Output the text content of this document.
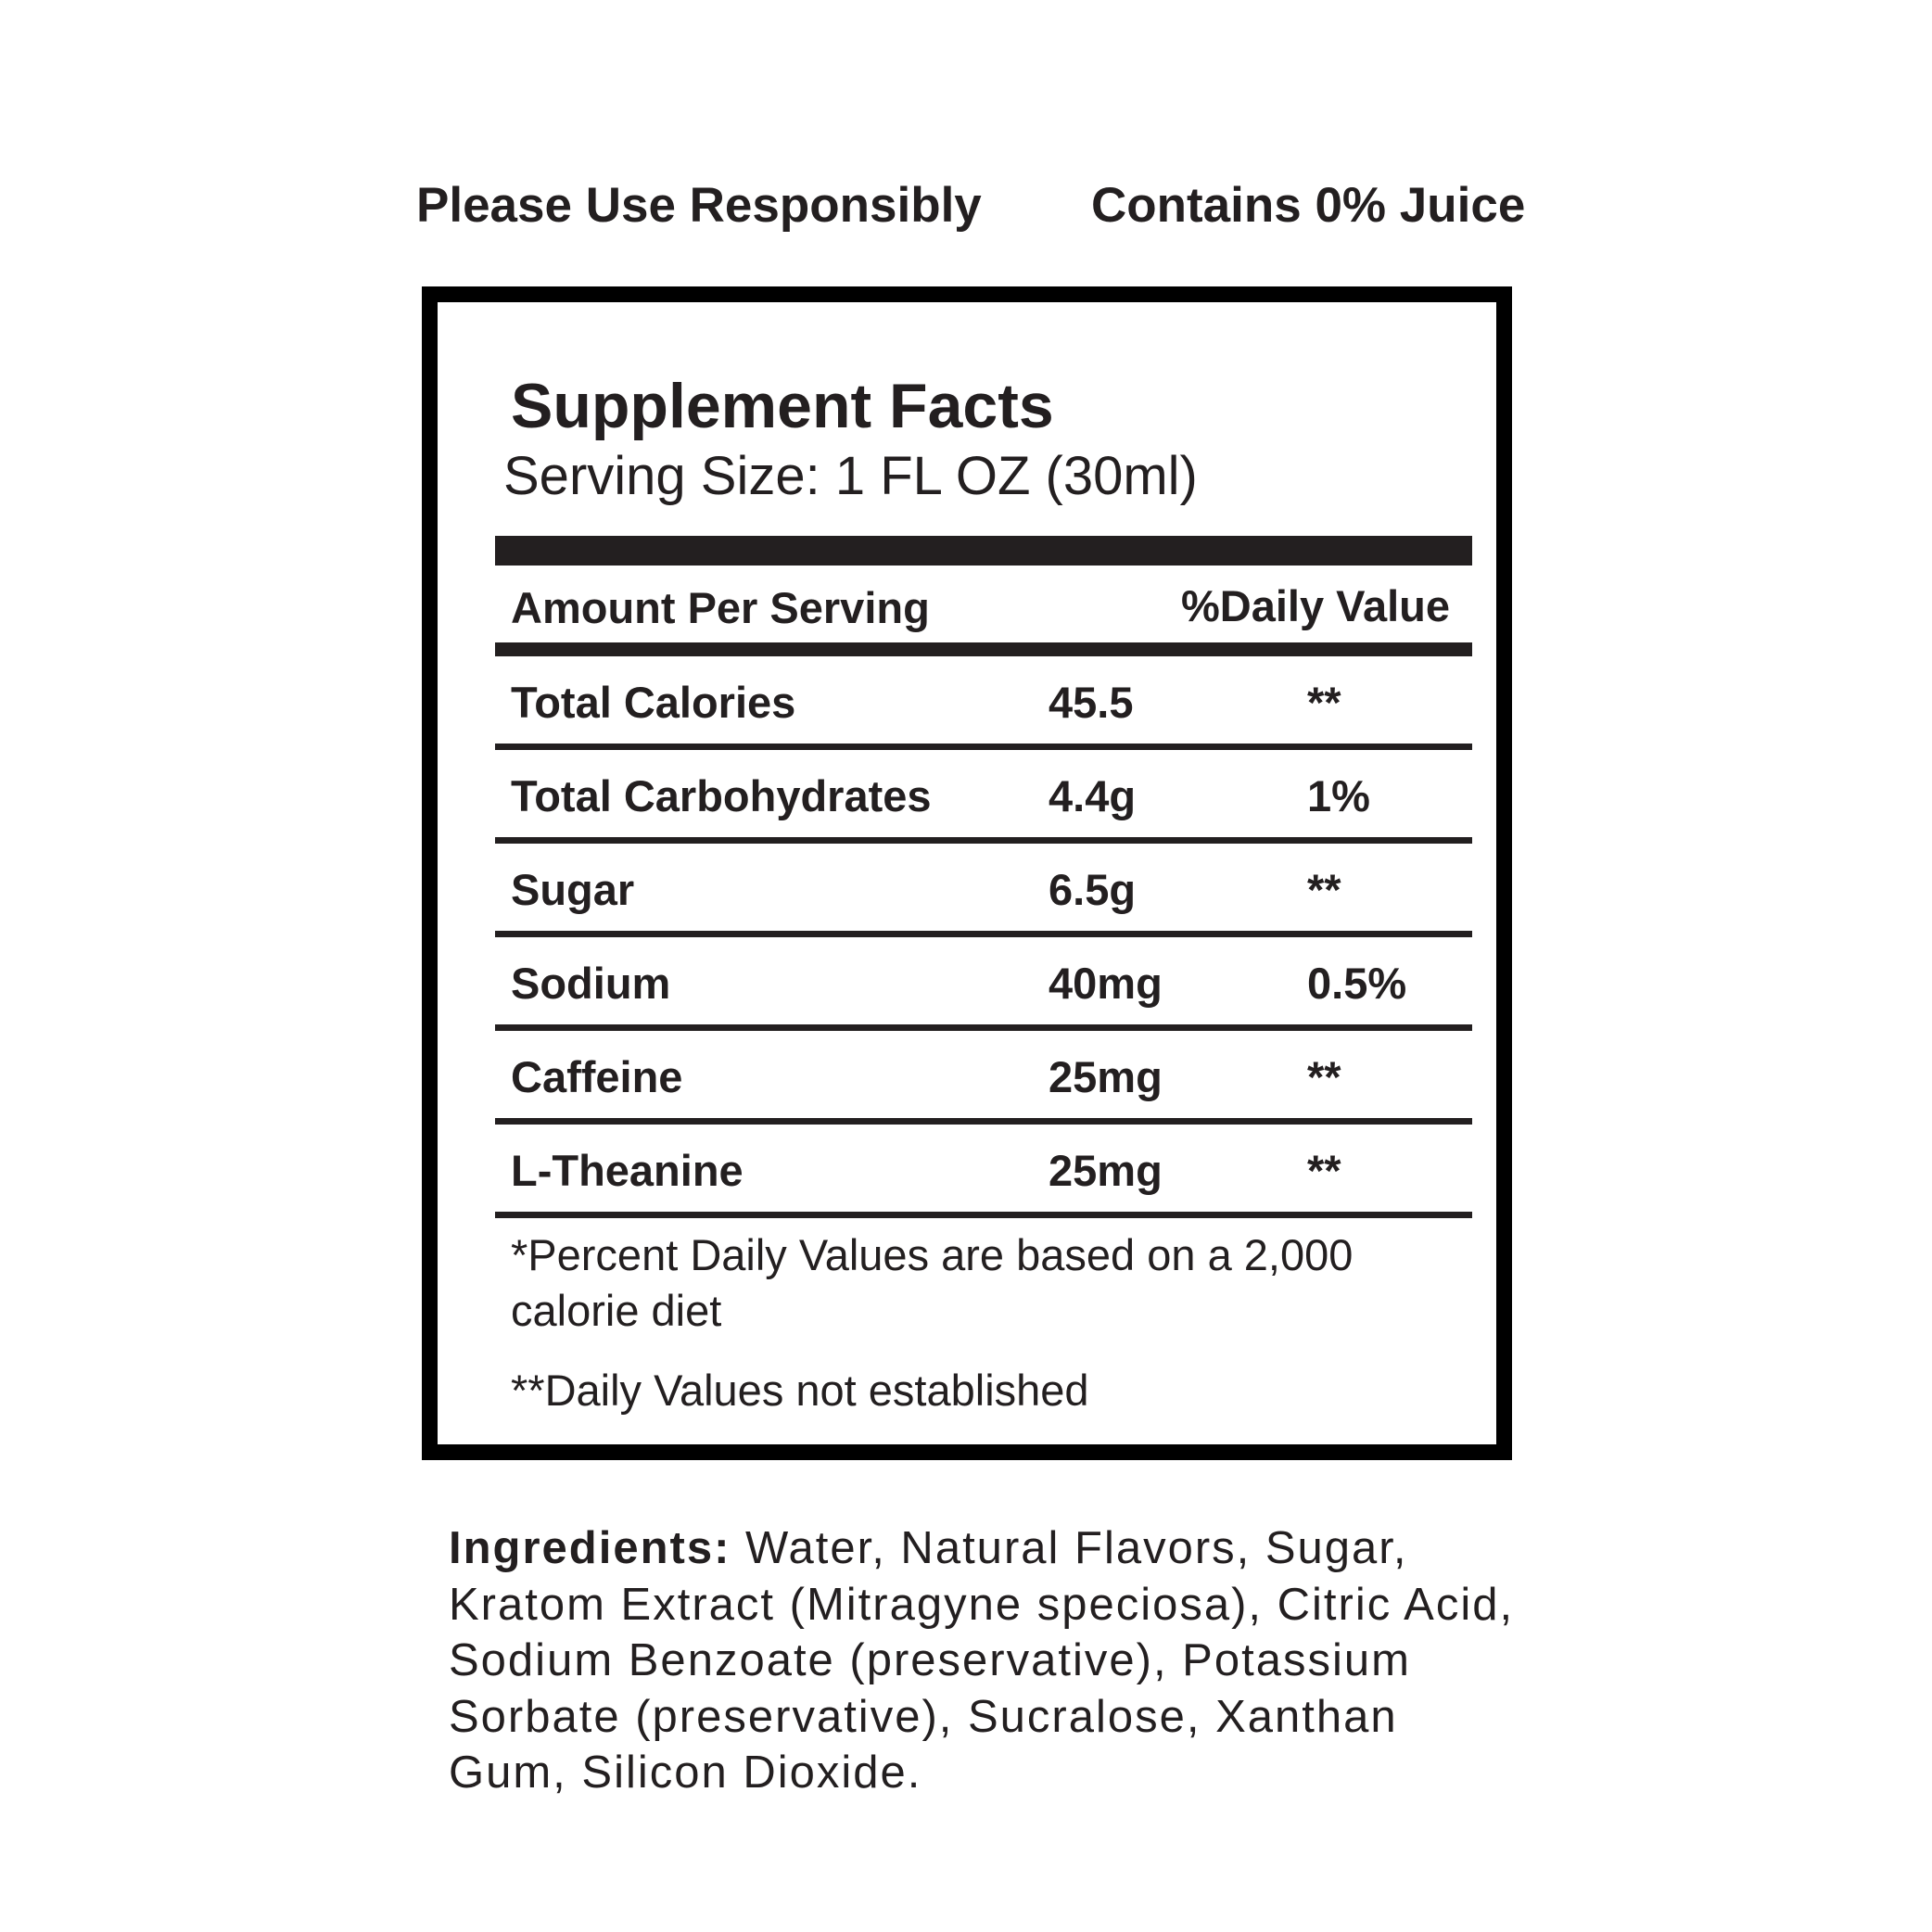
Please Use Responsibly Contains 0% Juice
Supplement Facts
Serving Size: 1 FL OZ (30ml)
Amount Per Serving	%Daily Value
Total Calories	45.5	**
Total Carbohydrates	4.4g	1%
Sugar	6.5g	**
Sodium	40mg	0.5%
Caffeine	25mg	**
L-Theanine	25mg	**
*Percent Daily Values are based on a 2,000 calorie diet
**Daily Values not established
Ingredients: Water, Natural Flavors, Sugar, Kratom Extract (Mitragyne speciosa), Citric Acid, Sodium Benzoate (preservative), Potassium Sorbate (preservative), Sucralose, Xanthan Gum, Silicon Dioxide.
